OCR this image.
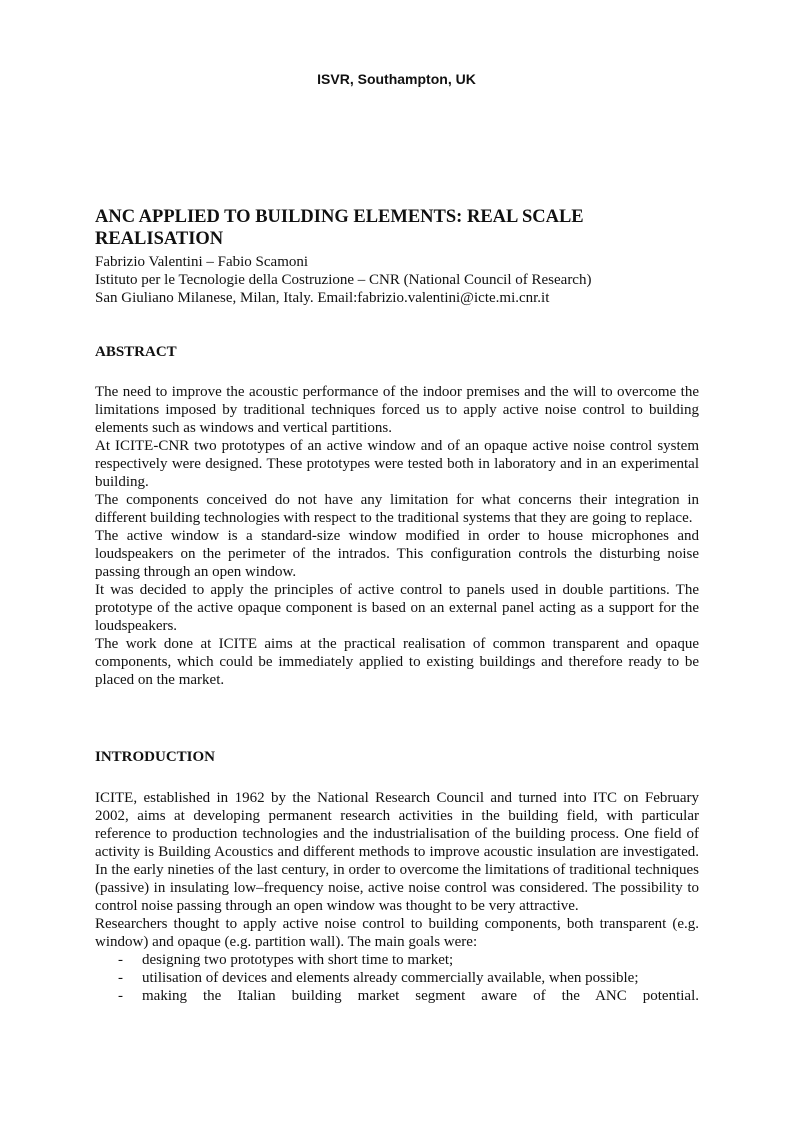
ISVR, Southampton, UK
ANC APPLIED TO BUILDING ELEMENTS: REAL SCALE
REALISATION
Fabrizio Valentini – Fabio Scamoni
Istituto per le Tecnologie della Costruzione – CNR (National Council of Research)
San Giuliano Milanese, Milan, Italy. Email:fabrizio.valentini@icte.mi.cnr.it
ABSTRACT

The need to improve the acoustic performance of the indoor premises and the will to overcome the limitations imposed by traditional techniques forced us to apply active noise control to building elements such as windows and vertical partitions.

At ICITE-CNR two prototypes of an active window and of an opaque active noise control system respectively were designed. These prototypes were tested both in laboratory and in an experimental building.

The components conceived do not have any limitation for what concerns their integration in different building technologies with respect to the traditional systems that they are going to replace.

The active window is a standard-size window modified in order to house microphones and loudspeakers on the perimeter of the intrados. This configuration controls the disturbing noise passing through an open window.

It was decided to apply the principles of active control to panels used in double partitions. The prototype of the active opaque component is based on an external panel acting as a support for the loudspeakers.

The work done at ICITE aims at the practical realisation of common transparent and opaque components, which could be immediately applied to existing buildings and therefore ready to be placed on the market.

INTRODUCTION

ICITE, established in 1962 by the National Research Council and turned into ITC on February 2002, aims at developing permanent research activities in the building field, with particular reference to production technologies and the industrialisation of the building process. One field of activity is Building Acoustics and different methods to improve acoustic insulation are investigated. In the early nineties of the last century, in order to overcome the limitations of traditional techniques (passive) in insulating low–frequency noise, active noise control was considered. The possibility to control noise passing through an open window was thought to be very attractive.

Researchers thought to apply active noise control to building components, both transparent (e.g. window) and opaque (e.g. partition wall). The main goals were:

- designing two prototypes with short time to market;
- utilisation of devices and elements already commercially available, when possible;
- making the Italian building market segment aware of the ANC potential.
